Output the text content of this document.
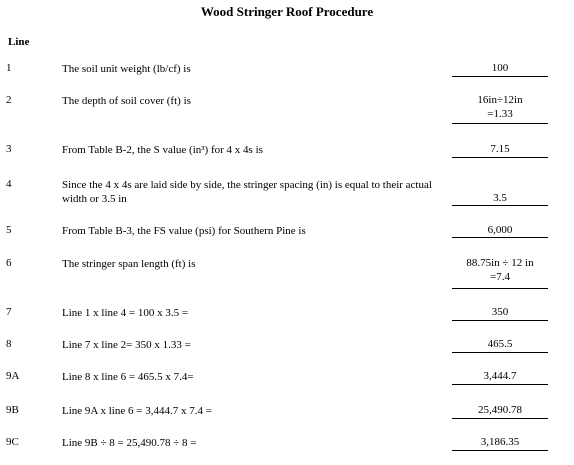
Wood Stringer Roof Procedure
Line
1	The soil unit weight (lb/cf) is	100
2	The depth of soil cover (ft) is	16in÷12in
=1.33
3	From Table B-2, the S value (in³) for 4 x 4s is	7.15
4	Since the 4 x 4s are laid side by side, the stringer spacing (in) is equal to their actual width or 3.5 in	3.5
5	From Table B-3, the FS value (psi) for Southern Pine is	6,000
6	The stringer span length (ft) is	88.75in ÷ 12 in
=7.4
7	Line 1 x line 4 = 100 x 3.5 =	350
8	Line 7 x line 2= 350 x 1.33 =	465.5
9A	Line 8 x line 6 = 465.5 x 7.4=	3,444.7
9B	Line 9A x line 6 = 3,444.7 x 7.4 =	25,490.78
9C	Line 9B ÷ 8 = 25,490.78 ÷ 8 =	3,186.35
